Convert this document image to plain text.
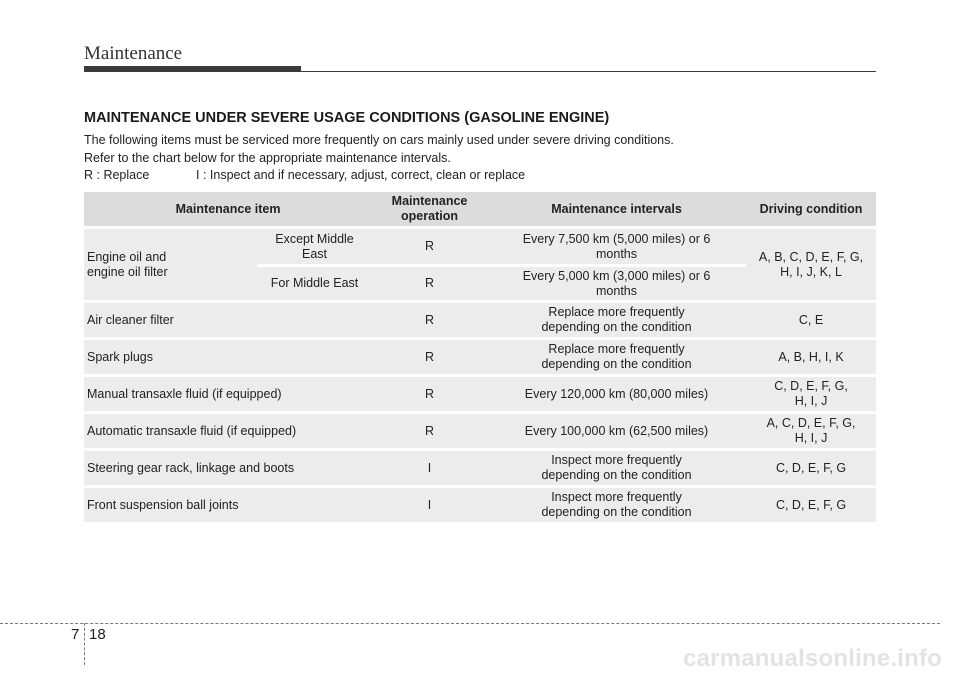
Maintenance
MAINTENANCE UNDER SEVERE USAGE CONDITIONS (GASOLINE ENGINE)

The following items must be serviced more frequently on cars mainly used under severe driving conditions.

Refer to the chart below for the appropriate maintenance intervals.

R : Replace	I : Inspect and if necessary, adjust, correct, clean or replace

Maintenance item		Maintenance operation	Maintenance intervals	Driving condition
Engine oil and engine oil filter	Except Middle East	R	Every 7,500 km (5,000 miles) or 6 months	A, B, C, D, E, F, G, H, I, J, K, L
	For Middle East	R	Every 5,000 km (3,000 miles) or 6 months	
Air cleaner filter		R	Replace more frequently depending on the condition	C, E
Spark plugs		R	Replace more frequently depending on the condition	A, B, H, I, K
Manual transaxle fluid (if equipped)		R	Every 120,000 km (80,000 miles)	C, D, E, F, G, H, I, J
Automatic transaxle fluid (if equipped)		R	Every 100,000 km (62,500 miles)	A, C, D, E, F, G, H, I, J
Steering gear rack, linkage and boots		I	Inspect more frequently depending on the condition	C, D, E, F, G
Front suspension ball joints		I	Inspect more frequently depending on the condition	C, D, E, F, G
7 18
carmanualsonline.info
